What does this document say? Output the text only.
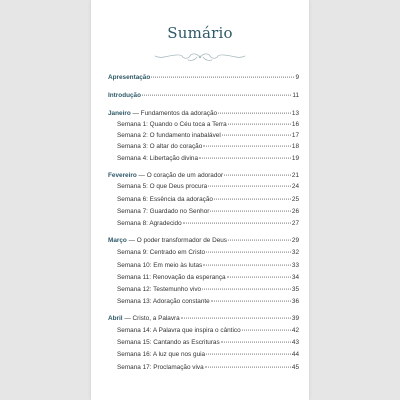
Sumário
Apresentação	9
Introdução	11
Janeiro — Fundamentos da adoração	13
Semana 1: Quando o Céu toca a Terra	16
Semana 2: O fundamento inabalável	17
Semana 3: O altar do coração	18
Semana 4: Libertação divina	19
Fevereiro — O coração de um adorador	21
Semana 5: O que Deus procura	24
Semana 6: Essência da adoração	25
Semana 7: Guardado no Senhor	26
Semana 8: Agradecido	27
Março — O poder transformador de Deus	29
Semana 9: Centrado em Cristo	32
Semana 10: Em meio às lutas	33
Semana 11: Renovação da esperança	34
Semana 12: Testemunho vivo	35
Semana 13: Adoração constante	36
Abril — Cristo, a Palavra	39
Semana 14: A Palavra que inspira o cântico	42
Semana 15: Cantando as Escrituras	43
Semana 16: A luz que nos guia	44
Semana 17: Proclamação viva	45
